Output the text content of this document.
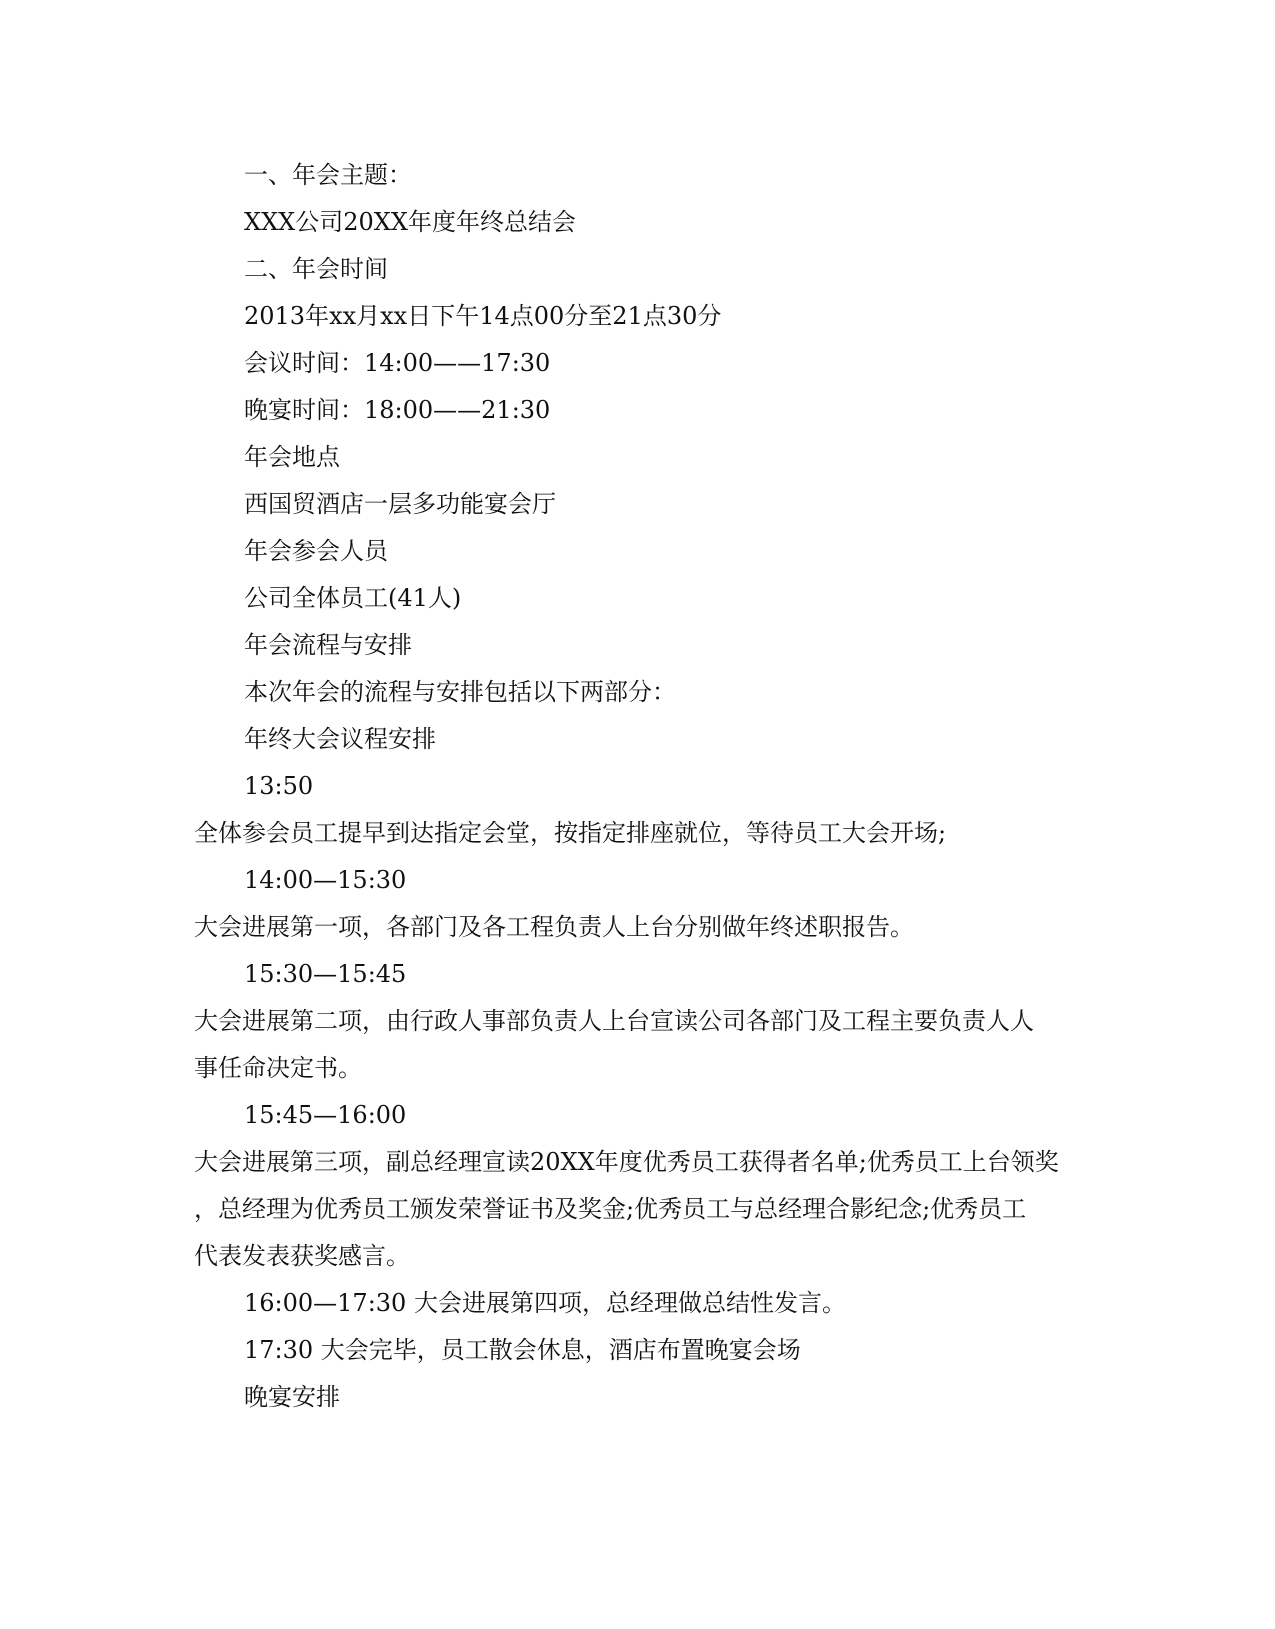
一、年会主题：
XXX公司20XX年度年终总结会
二、年会时间
2013年xx月xx日下午14点00分至21点30分
会议时间：14:00——17:30
晚宴时间：18:00——21:30
年会地点
西国贸酒店一层多功能宴会厅
年会参会人员
公司全体员工(41人)
年会流程与安排
本次年会的流程与安排包括以下两部分：
年终大会议程安排
13:50
全体参会员工提早到达指定会堂，按指定排座就位，等待员工大会开场;
14:00—15:30
大会进展第一项，各部门及各工程负责人上台分别做年终述职报告。
15:30—15:45
大会进展第二项，由行政人事部负责人上台宣读公司各部门及工程主要负责人人
事任命决定书。
15:45—16:00
大会进展第三项，副总经理宣读20XX年度优秀员工获得者名单;优秀员工上台领奖
，总经理为优秀员工颁发荣誉证书及奖金;优秀员工与总经理合影纪念;优秀员工
代表发表获奖感言。
16:00—17:30 大会进展第四项，总经理做总结性发言。
17:30 大会完毕，员工散会休息，酒店布置晚宴会场
晚宴安排
